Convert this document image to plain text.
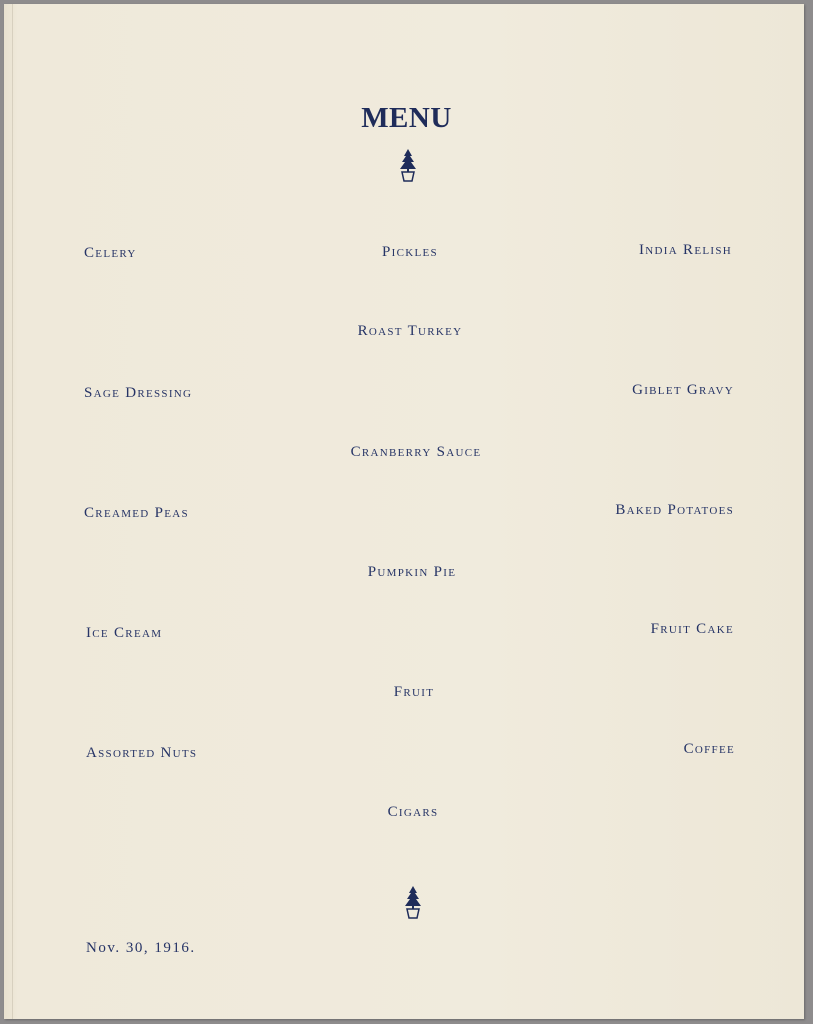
MENU
Celery	Pickles	India Relish
Roast Turkey
Sage Dressing	Giblet Gravy
Cranberry Sauce
Creamed Peas	Baked Potatoes
Pumpkin Pie
Ice Cream	Fruit Cake
Fruit
Assorted Nuts	Coffee
Cigars
Nov. 30, 1916.
